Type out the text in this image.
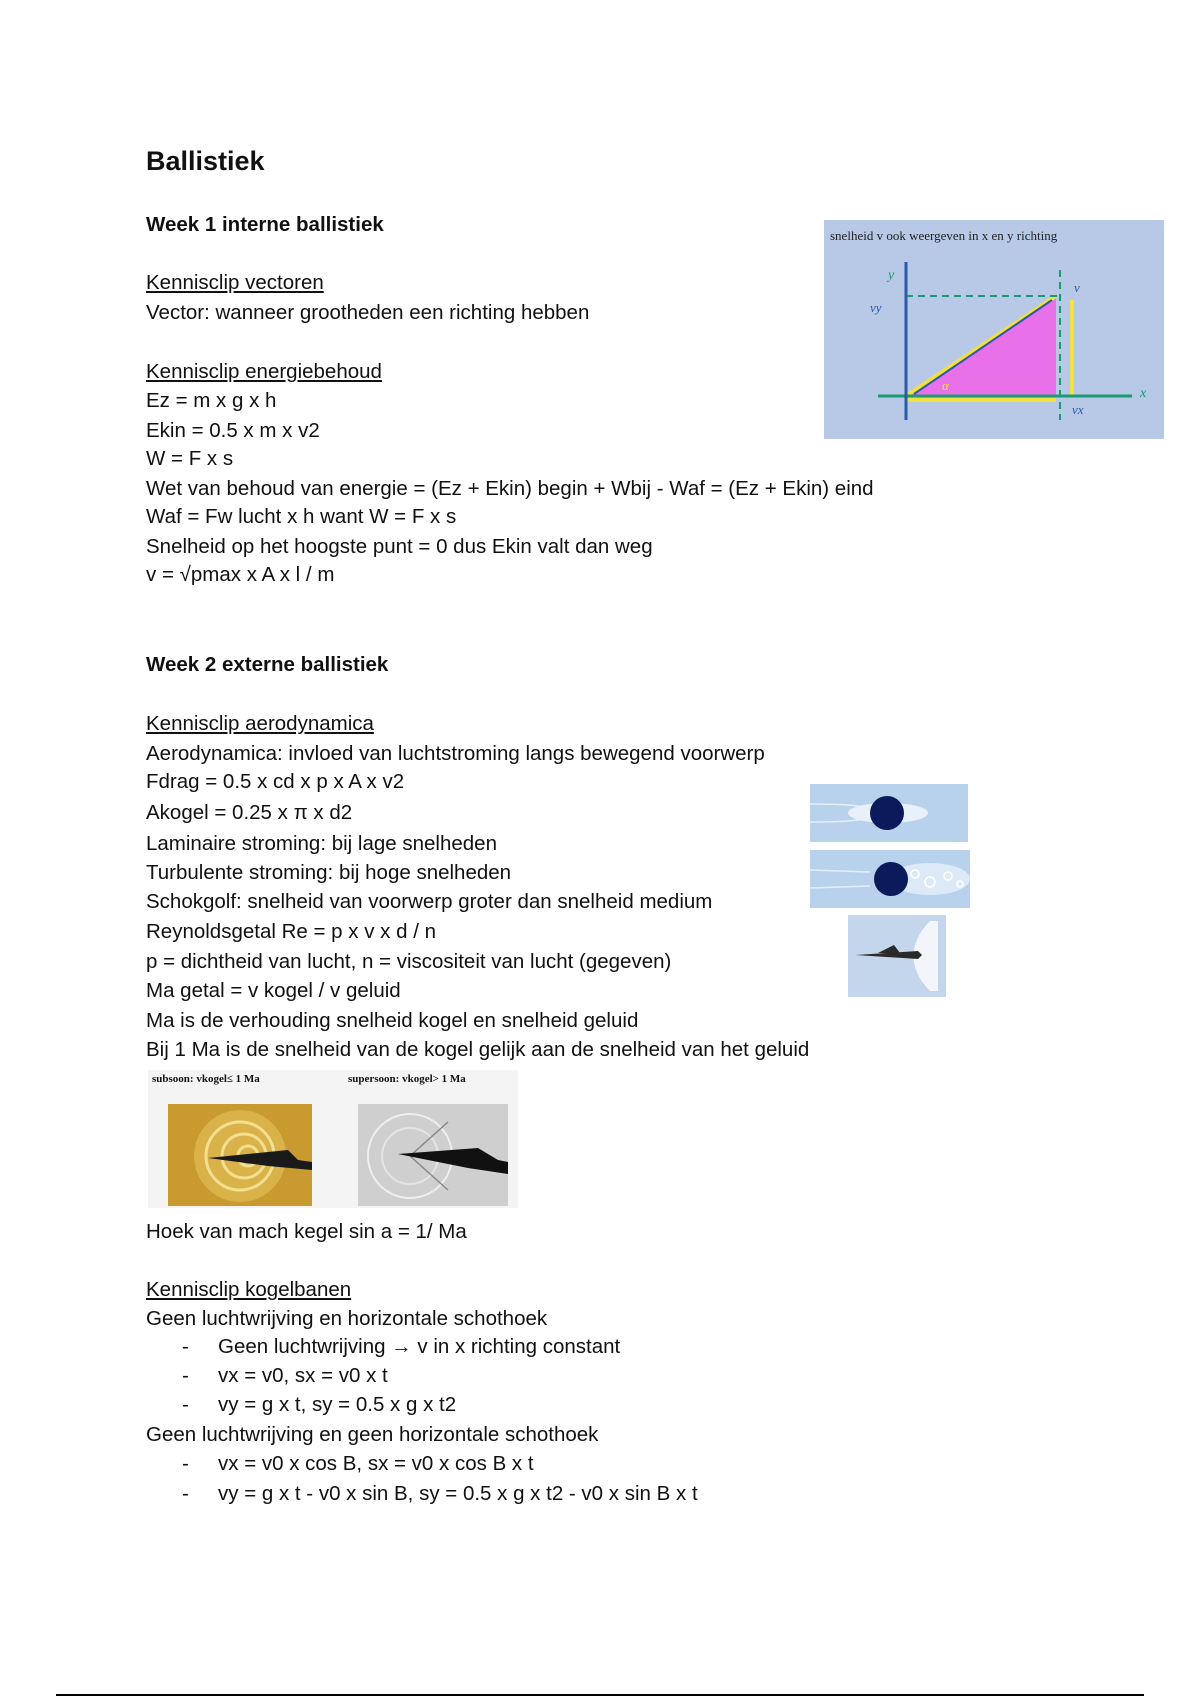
Ballistiek
Week 1 interne ballistiek
Kennisclip vectoren
Vector: wanneer grootheden een richting hebben
Kennisclip energiebehoud
Ez = m x g x h
Ekin = 0.5 x m x v2
W = F x s
Wet van behoud van energie = (Ez + Ekin) begin + Wbij - Waf = (Ez + Ekin) eind
Waf = Fw lucht x h want W = F x s
Snelheid op het hoogste punt = 0 dus Ekin valt dan weg
v = √pmax x A x l / m
snelheid v ook weergeven in x en y richting
y
x
v
vx
vy
α
Week 2 externe ballistiek
Kennisclip aerodynamica
Aerodynamica: invloed van luchtstroming langs bewegend voorwerp
Fdrag = 0.5 x cd x p x A x v2
Akogel = 0.25 x π x d2
Laminaire stroming: bij lage snelheden
Turbulente stroming: bij hoge snelheden
Schokgolf: snelheid van voorwerp groter dan snelheid medium
Reynoldsgetal Re = p x v x d / n
p = dichtheid van lucht, n = viscositeit van lucht (gegeven)
Ma getal = v kogel / v geluid
Ma is de verhouding snelheid kogel en snelheid geluid
Bij 1 Ma is de snelheid van de kogel gelijk aan de snelheid van het geluid
subsoon: vkogel≤ 1 Ma	supersoon: vkogel> 1 Ma
Hoek van mach kegel sin a = 1/ Ma
Kennisclip kogelbanen
Geen luchtwrijving en horizontale schothoek
- Geen luchtwrijving → v in x richting constant
- vx = v0, sx = v0 x t
- vy = g x t, sy = 0.5 x g x t2
Geen luchtwrijving en geen horizontale schothoek
- vx = v0 x cos B, sx = v0 x cos B x t
- vy = g x t - v0 x sin B, sy = 0.5 x g x t2 - v0 x sin B x t
